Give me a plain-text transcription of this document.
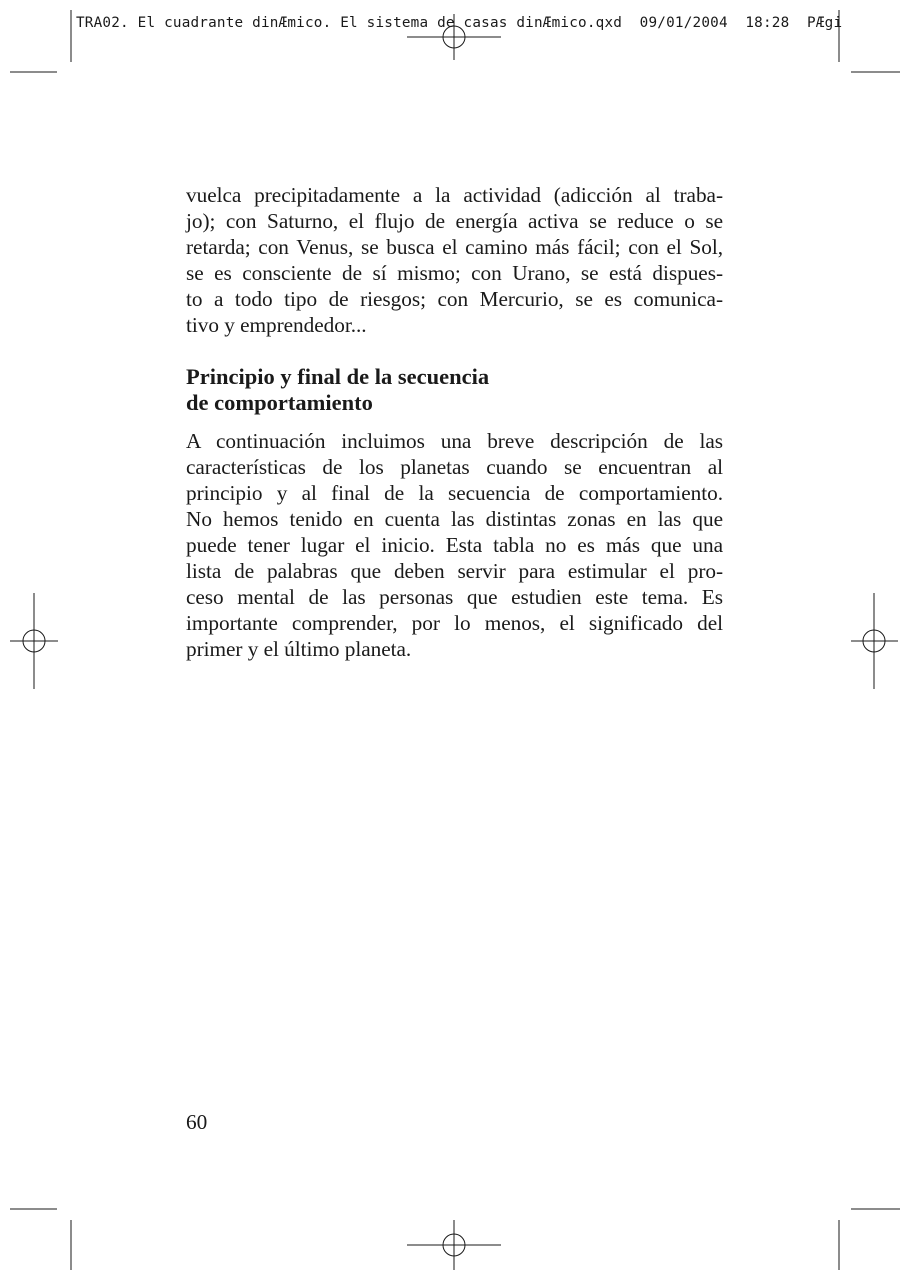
TRA02. El cuadrante dinÆmico. El sistema de casas dinÆmico.qxd  09/01/2004  18:28  PÆgi

vuelca precipitadamente a la actividad (adicción al traba-
jo); con Saturno, el flujo de energía activa se reduce o se
retarda; con Venus, se busca el camino más fácil; con el Sol,
se es consciente de sí mismo; con Urano, se está dispues-
to a todo tipo de riesgos; con Mercurio, se es comunica-
tivo y emprendedor...

Principio y final de la secuencia
de comportamiento

A continuación incluimos una breve descripción de las
características de los planetas cuando se encuentran al
principio y al final de la secuencia de comportamiento.
No hemos tenido en cuenta las distintas zonas en las que
puede tener lugar el inicio. Esta tabla no es más que una
lista de palabras que deben servir para estimular el pro-
ceso mental de las personas que estudien este tema. Es
importante comprender, por lo menos, el significado del
primer y el último planeta.

60
